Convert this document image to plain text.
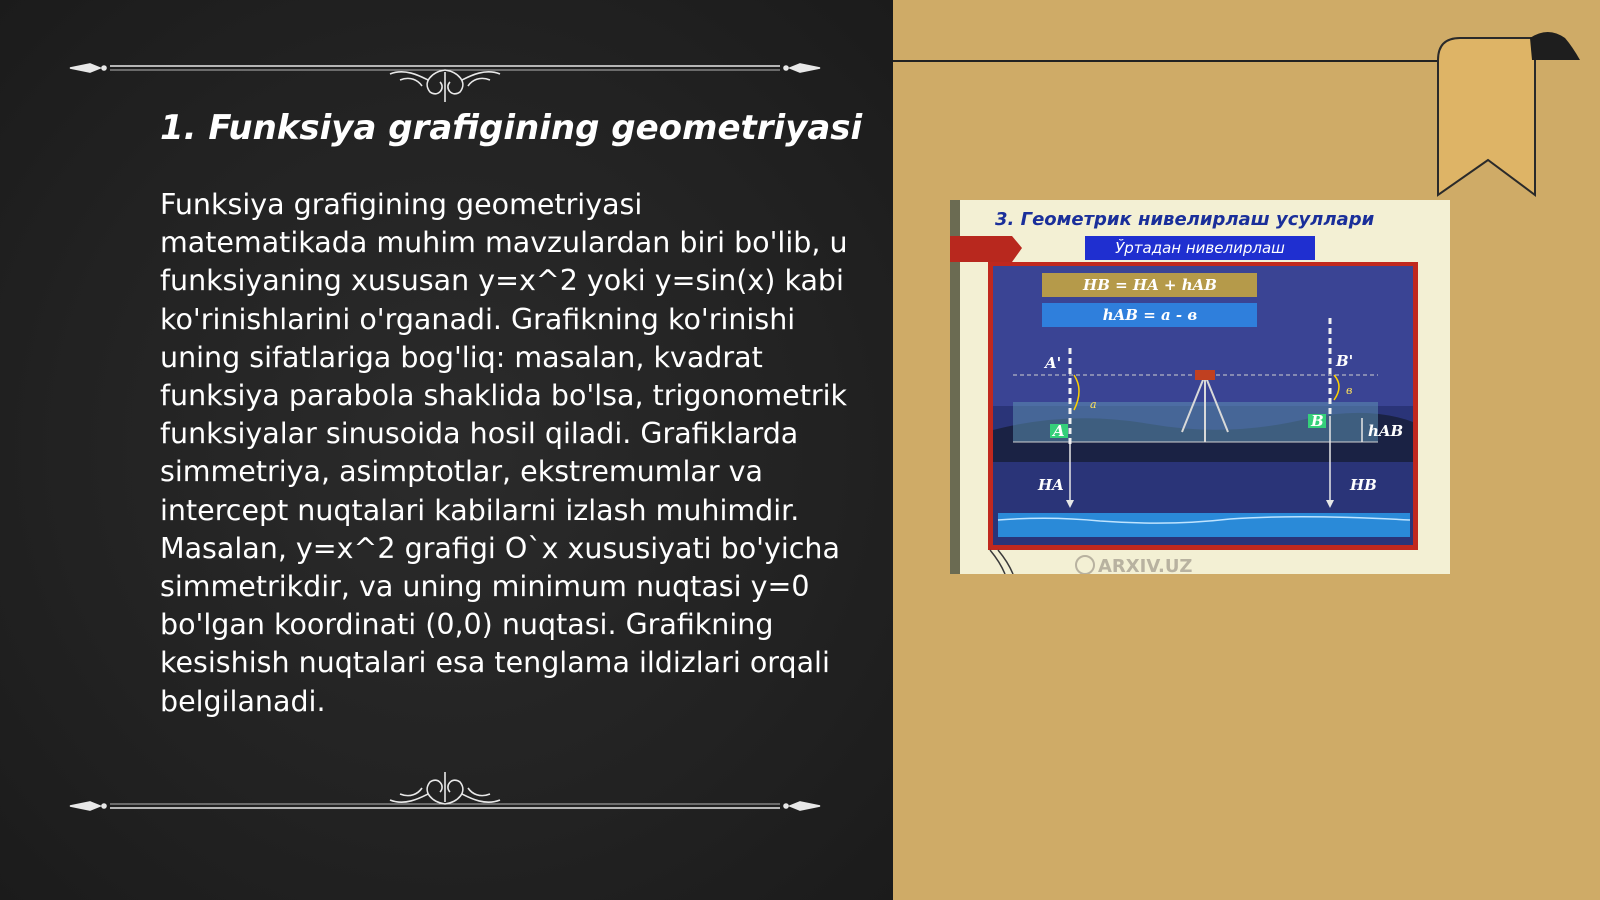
1. Funksiya grafigining geometriyasi

Funksiya grafigining geometriyasi matematikada muhim mavzulardan biri bo'lib, u funksiyaning xususan y=x^2 yoki y=sin(x) kabi ko'rinishlarini o'rganadi. Grafikning ko'rinishi uning sifatlariga bog'liq: masalan, kvadrat funksiya parabola shaklida bo'lsa, trigonometrik funksiyalar sinusoida hosil qiladi. Grafiklarda simmetriya, asimptotlar, ekstremumlar va intercept nuqtalari kabilarni izlash muhimdir. Masalan, y=x^2 grafigi O`x xususiyati bo'yicha simmetrikdir, va uning minimum nuqtasi y=0 bo'lgan koordinati (0,0) nuqtasi. Grafikning kesishish nuqtalari esa tenglama ildizlari orqali belgilanadi.

3. Геометрик нивелирлаш усуллари
Ўртадан нивелирлаш
HB = HA + hAB
hAB = a - в
A
B
A'	B'
a
в
HA	HB
hAB
ARXIV.UZ
